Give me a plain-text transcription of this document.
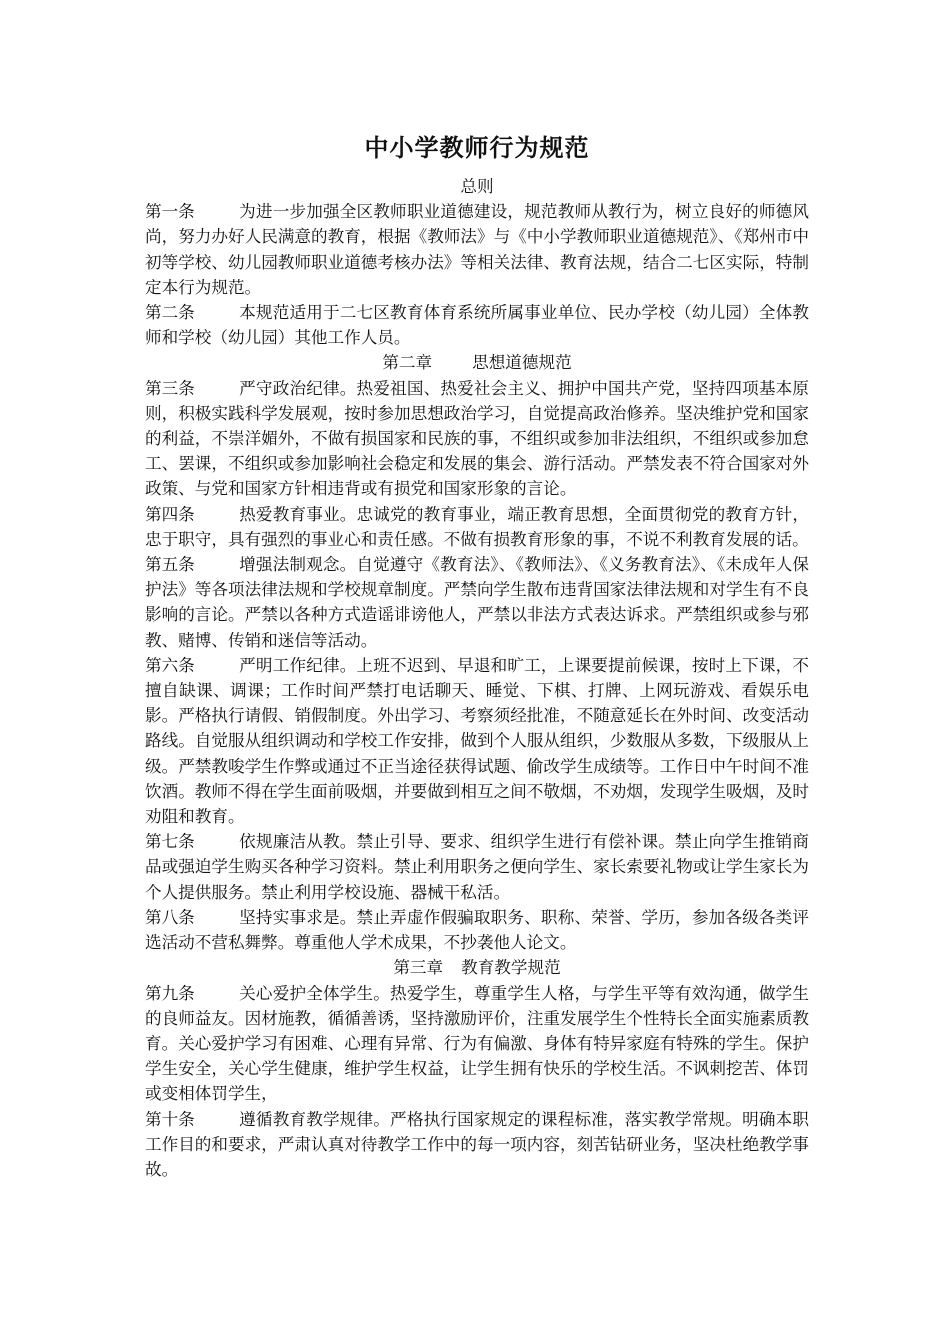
中小学教师行为规范

总则

第一条	为进一步加强全区教师职业道德建设，规范教师从教行为，树立良好的师德风尚，努力办好人民满意的教育，根据《教师法》与《中小学教师职业道德规范》、《郑州市中初等学校、幼儿园教师职业道德考核办法》等相关法律、教育法规，结合二七区实际，特制定本行为规范。

第二条	本规范适用于二七区教育体育系统所属事业单位、民办学校（幼儿园）全体教师和学校（幼儿园）其他工作人员。

第二章 思想道德规范

第三条	严守政治纪律。热爱祖国、热爱社会主义、拥护中国共产党，坚持四项基本原则，积极实践科学发展观，按时参加思想政治学习，自觉提高政治修养。坚决维护党和国家的利益，不崇洋媚外，不做有损国家和民族的事，不组织或参加非法组织，不组织或参加怠工、罢课，不组织或参加影响社会稳定和发展的集会、游行活动。严禁发表不符合国家对外政策、与党和国家方针相违背或有损党和国家形象的言论。

第四条	热爱教育事业。忠诚党的教育事业，端正教育思想，全面贯彻党的教育方针，忠于职守，具有强烈的事业心和责任感。不做有损教育形象的事，不说不利教育发展的话。

第五条	增强法制观念。自觉遵守《教育法》、《教师法》、《义务教育法》、《未成年人保护法》等各项法律法规和学校规章制度。严禁向学生散布违背国家法律法规和对学生有不良影响的言论。严禁以各种方式造谣诽谤他人，严禁以非法方式表达诉求。严禁组织或参与邪教、赌博、传销和迷信等活动。

第六条	严明工作纪律。上班不迟到、早退和旷工，上课要提前候课，按时上下课，不擅自缺课、调课；工作时间严禁打电话聊天、睡觉、下棋、打牌、上网玩游戏、看娱乐电影。严格执行请假、销假制度。外出学习、考察须经批准，不随意延长在外时间、改变活动路线。自觉服从组织调动和学校工作安排，做到个人服从组织，少数服从多数，下级服从上级。严禁教唆学生作弊或通过不正当途径获得试题、偷改学生成绩等。工作日中午时间不准饮酒。教师不得在学生面前吸烟，并要做到相互之间不敬烟，不劝烟，发现学生吸烟，及时劝阻和教育。

第七条	依规廉洁从教。禁止引导、要求、组织学生进行有偿补课。禁止向学生推销商品或强迫学生购买各种学习资料。禁止利用职务之便向学生、家长索要礼物或让学生家长为个人提供服务。禁止利用学校设施、器械干私活。

第八条	坚持实事求是。禁止弄虚作假骗取职务、职称、荣誉、学历，参加各级各类评选活动不营私舞弊。尊重他人学术成果，不抄袭他人论文。

第三章 教育教学规范

第九条	关心爱护全体学生。热爱学生，尊重学生人格，与学生平等有效沟通，做学生的良师益友。因材施教，循循善诱，坚持激励评价，注重发展学生个性特长全面实施素质教育。关心爱护学习有困难、心理有异常、行为有偏激、身体有特异家庭有特殊的学生。保护学生安全，关心学生健康，维护学生权益，让学生拥有快乐的学校生活。不讽刺挖苦、体罚或变相体罚学生，

第十条	遵循教育教学规律。严格执行国家规定的课程标准，落实教学常规。明确本职工作目的和要求，严肃认真对待教学工作中的每一项内容，刻苦钻研业务，坚决杜绝教学事故。
